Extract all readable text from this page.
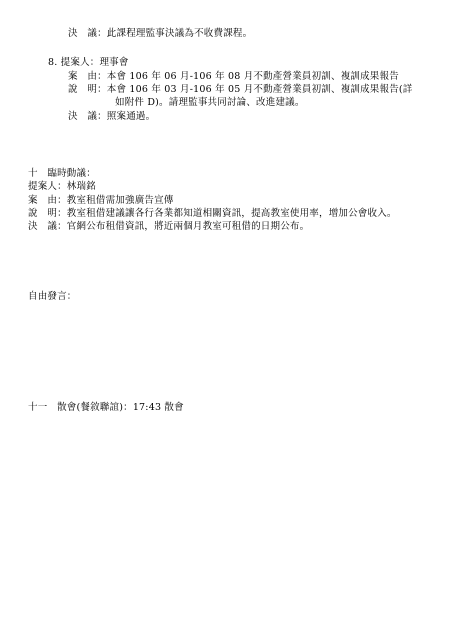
決　議：此課程理監事決議為不收費課程。
8. 提案人：理事會
案　由：本會 106 年 06 月-106 年 08 月不動產營業員初訓、複訓成果報告
說　明：本會 106 年 03 月-106 年 05 月不動產營業員初訓、複訓成果報告(詳
如附件 D)。請理監事共同討論、改進建議。
決　議：照案通過。
十　臨時動議：
提案人：林瑞銘
案　由：教室租借需加強廣告宣傳
說　明：教室租借建議讓各行各業都知道相關資訊，提高教室使用率，增加公會收入。
決　議：官網公布租借資訊，將近兩個月教室可租借的日期公布。
自由發言：
十一　散會(餐敘聯誼)：17:43 散會
